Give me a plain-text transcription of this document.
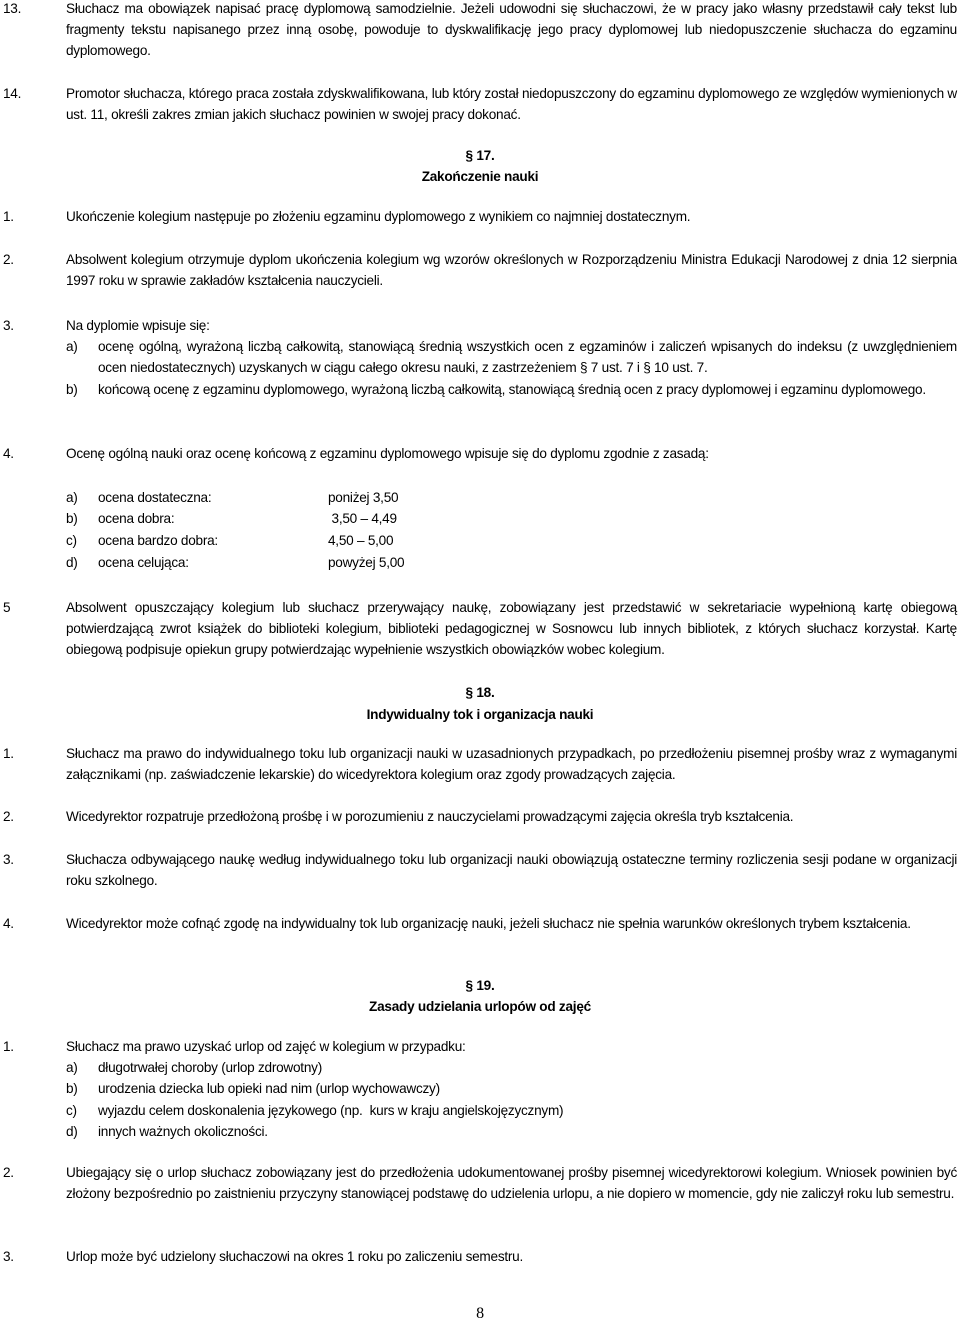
13.	Słuchacz ma obowiązek napisać pracę dyplomową samodzielnie. Jeżeli udowodni się słuchaczowi, że w pracy jako własny przedstawił cały tekst lub fragmenty tekstu napisanego przez inną osobę, powoduje to dyskwalifikację jego pracy dyplomowej lub niedopuszczenie słuchacza do egzaminu dyplomowego.
14.	Promotor słuchacza, którego praca została zdyskwalifikowana, lub który został niedopuszczony do egzaminu dyplomowego ze względów wymienionych w ust. 11, określi zakres zmian jakich słuchacz powinien w swojej pracy dokonać.
§ 17.
Zakończenie nauki
1.	Ukończenie kolegium następuje po złożeniu egzaminu dyplomowego z wynikiem co najmniej dostatecznym.
2.	Absolwent kolegium otrzymuje dyplom ukończenia kolegium wg wzorów określonych w Rozporządzeniu Ministra Edukacji Narodowej z dnia 12 sierpnia 1997 roku w sprawie zakładów kształcenia nauczycieli.
3.	Na dyplomie wpisuje się:
a) ocenę ogólną, wyrażoną liczbą całkowitą, stanowiącą średnią wszystkich ocen z egzaminów i zaliczeń wpisanych do indeksu (z uwzględnieniem ocen niedostatecznych) uzyskanych w ciągu całego okresu nauki, z zastrzeżeniem § 7 ust. 7 i § 10 ust. 7.
b) końcową ocenę z egzaminu dyplomowego, wyrażoną liczbą całkowitą, stanowiącą średnią ocen z pracy dyplomowej i egzaminu dyplomowego.
4.	Ocenę ogólną nauki oraz ocenę końcową z egzaminu dyplomowego wpisuje się do dyplomu zgodnie z zasadą:
a) ocena dostateczna:	poniżej 3,50
b) ocena dobra:	3,50 – 4,49
c) ocena bardzo dobra:	4,50 – 5,00
d) ocena celująca:	powyżej 5,00
5	Absolwent opuszczający kolegium lub słuchacz przerywający naukę, zobowiązany jest przedstawić w sekretariacie wypełnioną kartę obiegową potwierdzającą zwrot książek do biblioteki kolegium, biblioteki pedagogicznej w Sosnowcu lub innych bibliotek, z których słuchacz korzystał. Kartę obiegową podpisuje opiekun grupy potwierdzając wypełnienie wszystkich obowiązków wobec kolegium.
§ 18.
Indywidualny tok i organizacja nauki
1.	Słuchacz ma prawo do indywidualnego toku lub organizacji nauki w uzasadnionych przypadkach, po przedłożeniu pisemnej prośby wraz z wymaganymi załącznikami (np. zaświadczenie lekarskie) do wicedyrektora kolegium oraz zgody prowadzących zajęcia.
2.	Wicedyrektor rozpatruje przedłożoną prośbę i w porozumieniu z nauczycielami prowadzącymi zajęcia określa tryb kształcenia.
3.	Słuchacza odbywającego naukę według indywidualnego toku lub organizacji nauki obowiązują ostateczne terminy rozliczenia sesji podane w organizacji roku szkolnego.
4.	Wicedyrektor może cofnąć zgodę na indywidualny tok lub organizację nauki, jeżeli słuchacz nie spełnia warunków określonych trybem kształcenia.
§ 19.
Zasady udzielania urlopów od zajęć
1.	Słuchacz ma prawo uzyskać urlop od zajęć w kolegium w przypadku:
a) długotrwałej choroby (urlop zdrowotny)
b) urodzenia dziecka lub opieki nad nim (urlop wychowawczy)
c) wyjazdu celem doskonalenia językowego (np.  kurs w kraju angielskojęzycznym)
d) innych ważnych okoliczności.
2.	Ubiegający się o urlop słuchacz zobowiązany jest do przedłożenia udokumentowanej prośby pisemnej wicedyrektorowi kolegium. Wniosek powinien być złożony bezpośrednio po zaistnieniu przyczyny stanowiącej podstawę do udzielenia urlopu, a nie dopiero w momencie, gdy nie zaliczył roku lub semestru.
3.	Urlop może być udzielony słuchaczowi na okres 1 roku po zaliczeniu semestru.
8
